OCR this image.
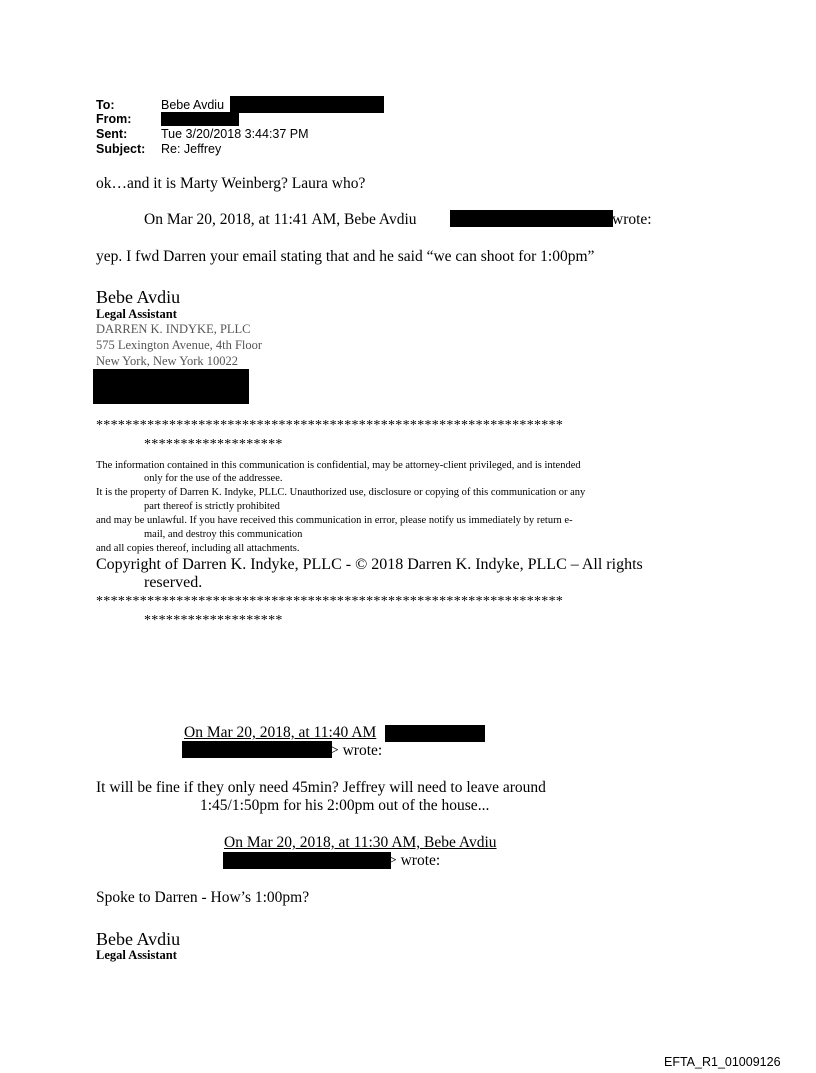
To:	Bebe Avdiu
From:
Sent:	Tue 3/20/2018 3:44:37 PM
Subject: Re: Jeffrey
ok…and it is Marty Weinberg? Laura who?
On Mar 20, 2018, at 11:41 AM, Bebe Avdiu	wrote:
yep. I fwd Darren your email stating that and he said “we can shoot for 1:00pm”
Bebe Avdiu
Legal Assistant
DARREN K. INDYKE, PLLC
575 Lexington Avenue, 4th Floor
New York, New York 10022
****************************************************************
*******************
The information contained in this communication is confidential, may be attorney-client privileged, and is intended
only for the use of the addressee.
It is the property of Darren K. Indyke, PLLC. Unauthorized use, disclosure or copying of this communication or any
part thereof is strictly prohibited
and may be unlawful. If you have received this communication in error, please notify us immediately by return e-
mail, and destroy this communication
and all copies thereof, including all attachments.
Copyright of Darren K. Indyke, PLLC - © 2018 Darren K. Indyke, PLLC – All rights
reserved.
****************************************************************
*******************
On Mar 20, 2018, at 11:40 AM
> wrote:
It will be fine if they only need 45min? Jeffrey will need to leave around
1:45/1:50pm for his 2:00pm out of the house...
On Mar 20, 2018, at 11:30 AM, Bebe Avdiu
> wrote:
Spoke to Darren - How’s 1:00pm?
Bebe Avdiu
Legal Assistant
EFTA_R1_01009126
